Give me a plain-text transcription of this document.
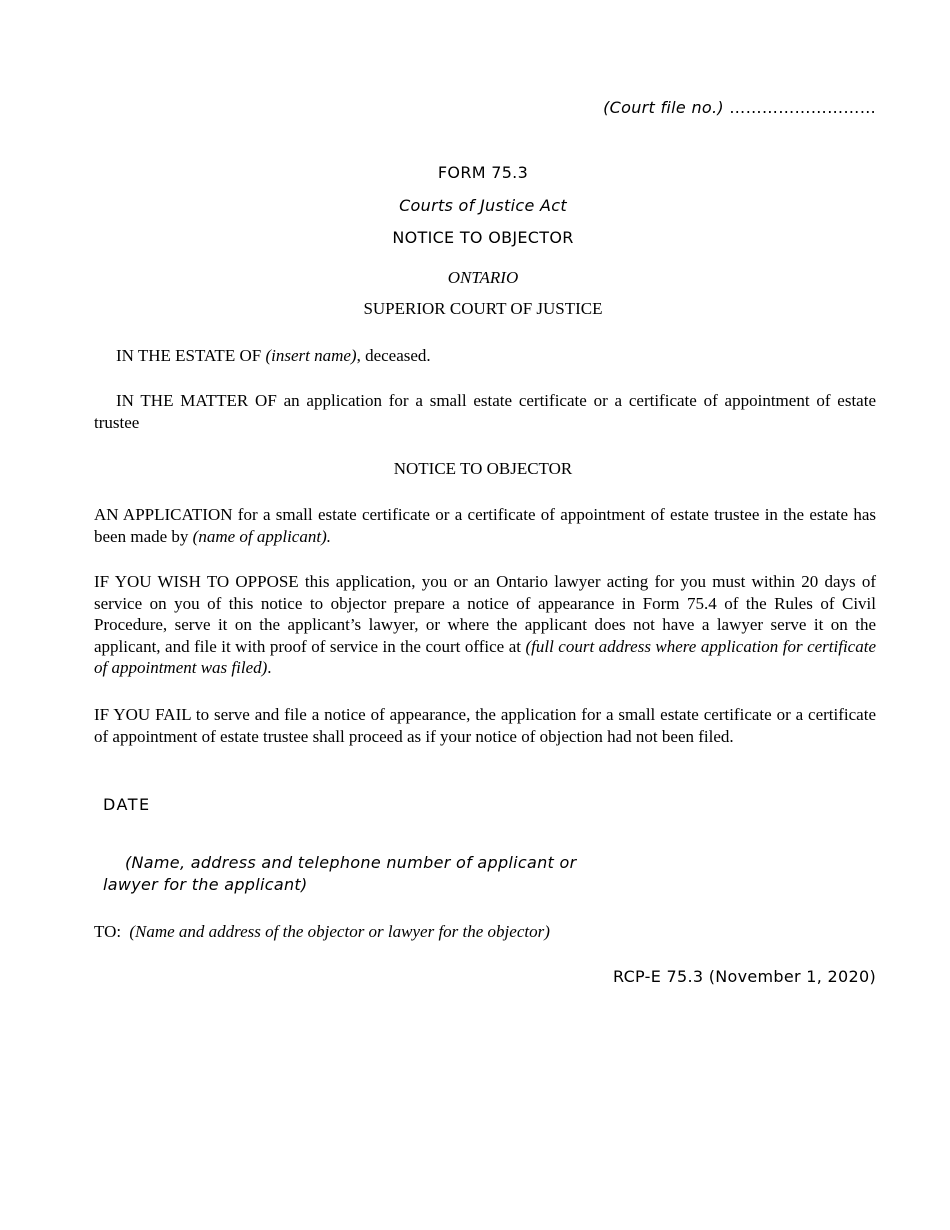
(Court file no.) ………………………
FORM 75.3
Courts of Justice Act
NOTICE TO OBJECTOR
ONTARIO
SUPERIOR COURT OF JUSTICE
IN THE ESTATE OF (insert name), deceased.
IN THE MATTER OF an application for a small estate certificate or a certificate of appointment of estate trustee
NOTICE TO OBJECTOR
AN APPLICATION for a small estate certificate or a certificate of appointment of estate trustee in the estate has been made by (name of applicant).
IF YOU WISH TO OPPOSE this application, you or an Ontario lawyer acting for you must within 20 days of service on you of this notice to objector prepare a notice of appearance in Form 75.4 of the Rules of Civil Procedure, serve it on the applicant’s lawyer, or where the applicant does not have a lawyer serve it on the applicant, and file it with proof of service in the court office at (full court address where application for certificate of appointment was filed).
IF YOU FAIL to serve and file a notice of appearance, the application for a small estate certificate or a certificate of appointment of estate trustee shall proceed as if your notice of objection had not been filed.
DATE
(Name, address and telephone number of applicant or
lawyer for the applicant)
TO: (Name and address of the objector or lawyer for the objector)
RCP-E 75.3 (November 1, 2020)
